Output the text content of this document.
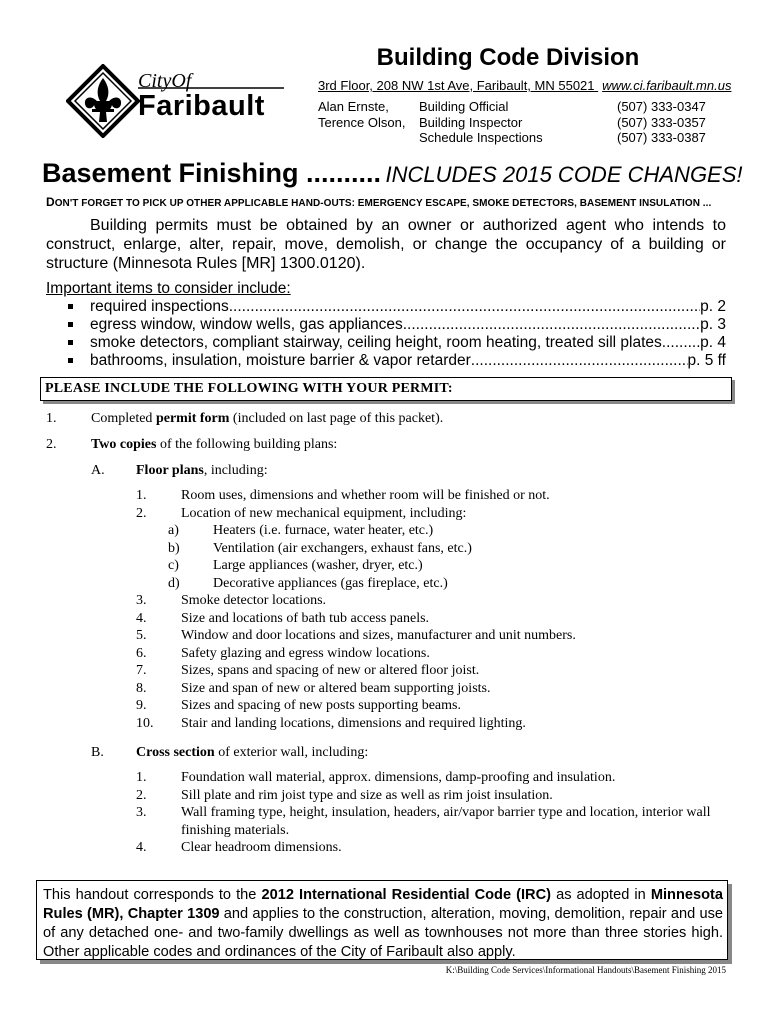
CityOf
Faribault
Building Code Division
3rd Floor, 208 NW 1st Ave, Faribault, MN 55021 www.ci.faribault.mn.us
Alan Ernste,	Building Official	(507) 333-0347
Terence Olson,	Building Inspector	(507) 333-0357
Schedule Inspections	(507) 333-0387
Basement Finishing .......... INCLUDES 2015 CODE CHANGES!
DON'T FORGET TO PICK UP OTHER APPLICABLE HAND-OUTS: EMERGENCY ESCAPE, SMOKE DETECTORS, BASEMENT INSULATION ...

Building permits must be obtained by an owner or authorized agent who intends to construct, enlarge, alter, repair, move, demolish, or change the occupancy of a building or structure (Minnesota Rules [MR] 1300.0120).

Important items to consider include:
required inspections .....	p. 2
egress window, window wells, gas appliances .....	p. 3
smoke detectors, compliant stairway, ceiling height, room heating, treated sill plates ..... p. 4
bathrooms, insulation, moisture barrier & vapor retarder .....	p. 5 ff
PLEASE INCLUDE THE FOLLOWING WITH YOUR PERMIT:
1. Completed permit form (included on last page of this packet).
2. Two copies of the following building plans:
A. Floor plans, including:
1.	Room uses, dimensions and whether room will be finished or not.
2.	Location of new mechanical equipment, including:
a)	Heaters (i.e. furnace, water heater, etc.)
b)	Ventilation (air exchangers, exhaust fans, etc.)
c)	Large appliances (washer, dryer, etc.)
d)	Decorative appliances (gas fireplace, etc.)
3.	Smoke detector locations.
4.	Size and locations of bath tub access panels.
5.	Window and door locations and sizes, manufacturer and unit numbers.
6.	Safety glazing and egress window locations.
7.	Sizes, spans and spacing of new or altered floor joist.
8.	Size and span of new or altered beam supporting joists.
9.	Sizes and spacing of new posts supporting beams.
10.	Stair and landing locations, dimensions and required lighting.
B. Cross section of exterior wall, including:
1.	Foundation wall material, approx. dimensions, damp-proofing and insulation.
2.	Sill plate and rim joist type and size as well as rim joist insulation.
3.	Wall framing type, height, insulation, headers, air/vapor barrier type and location, interior wall finishing materials.
4.	Clear headroom dimensions.

This handout corresponds to the 2012 International Residential Code (IRC) as adopted in Minnesota Rules (MR), Chapter 1309 and applies to the construction, alteration, moving, demolition, repair and use of any detached one- and two-family dwellings as well as townhouses not more than three stories high. Other applicable codes and ordinances of the City of Faribault also apply.

K:\Building Code Services\Informational Handouts\Basement Finishing 2015
